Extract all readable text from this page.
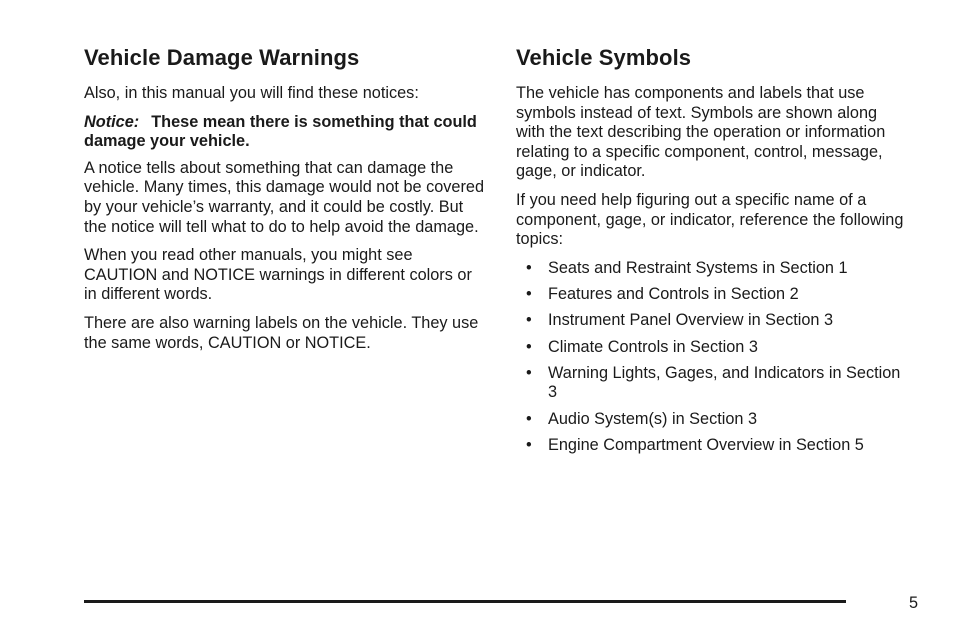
Vehicle Damage Warnings

Also, in this manual you will find these notices:

Notice: These mean there is something that could damage your vehicle.

A notice tells about something that can damage the vehicle. Many times, this damage would not be covered by your vehicle’s warranty, and it could be costly. But the notice will tell what to do to help avoid the damage.

When you read other manuals, you might see CAUTION and NOTICE warnings in different colors or in different words.

There are also warning labels on the vehicle. They use the same words, CAUTION or NOTICE.

Vehicle Symbols

The vehicle has components and labels that use symbols instead of text. Symbols are shown along with the text describing the operation or information relating to a specific component, control, message, gage, or indicator.

If you need help figuring out a specific name of a component, gage, or indicator, reference the following topics:

• Seats and Restraint Systems in Section 1
• Features and Controls in Section 2
• Instrument Panel Overview in Section 3
• Climate Controls in Section 3
• Warning Lights, Gages, and Indicators in Section 3
• Audio System(s) in Section 3
• Engine Compartment Overview in Section 5
5
